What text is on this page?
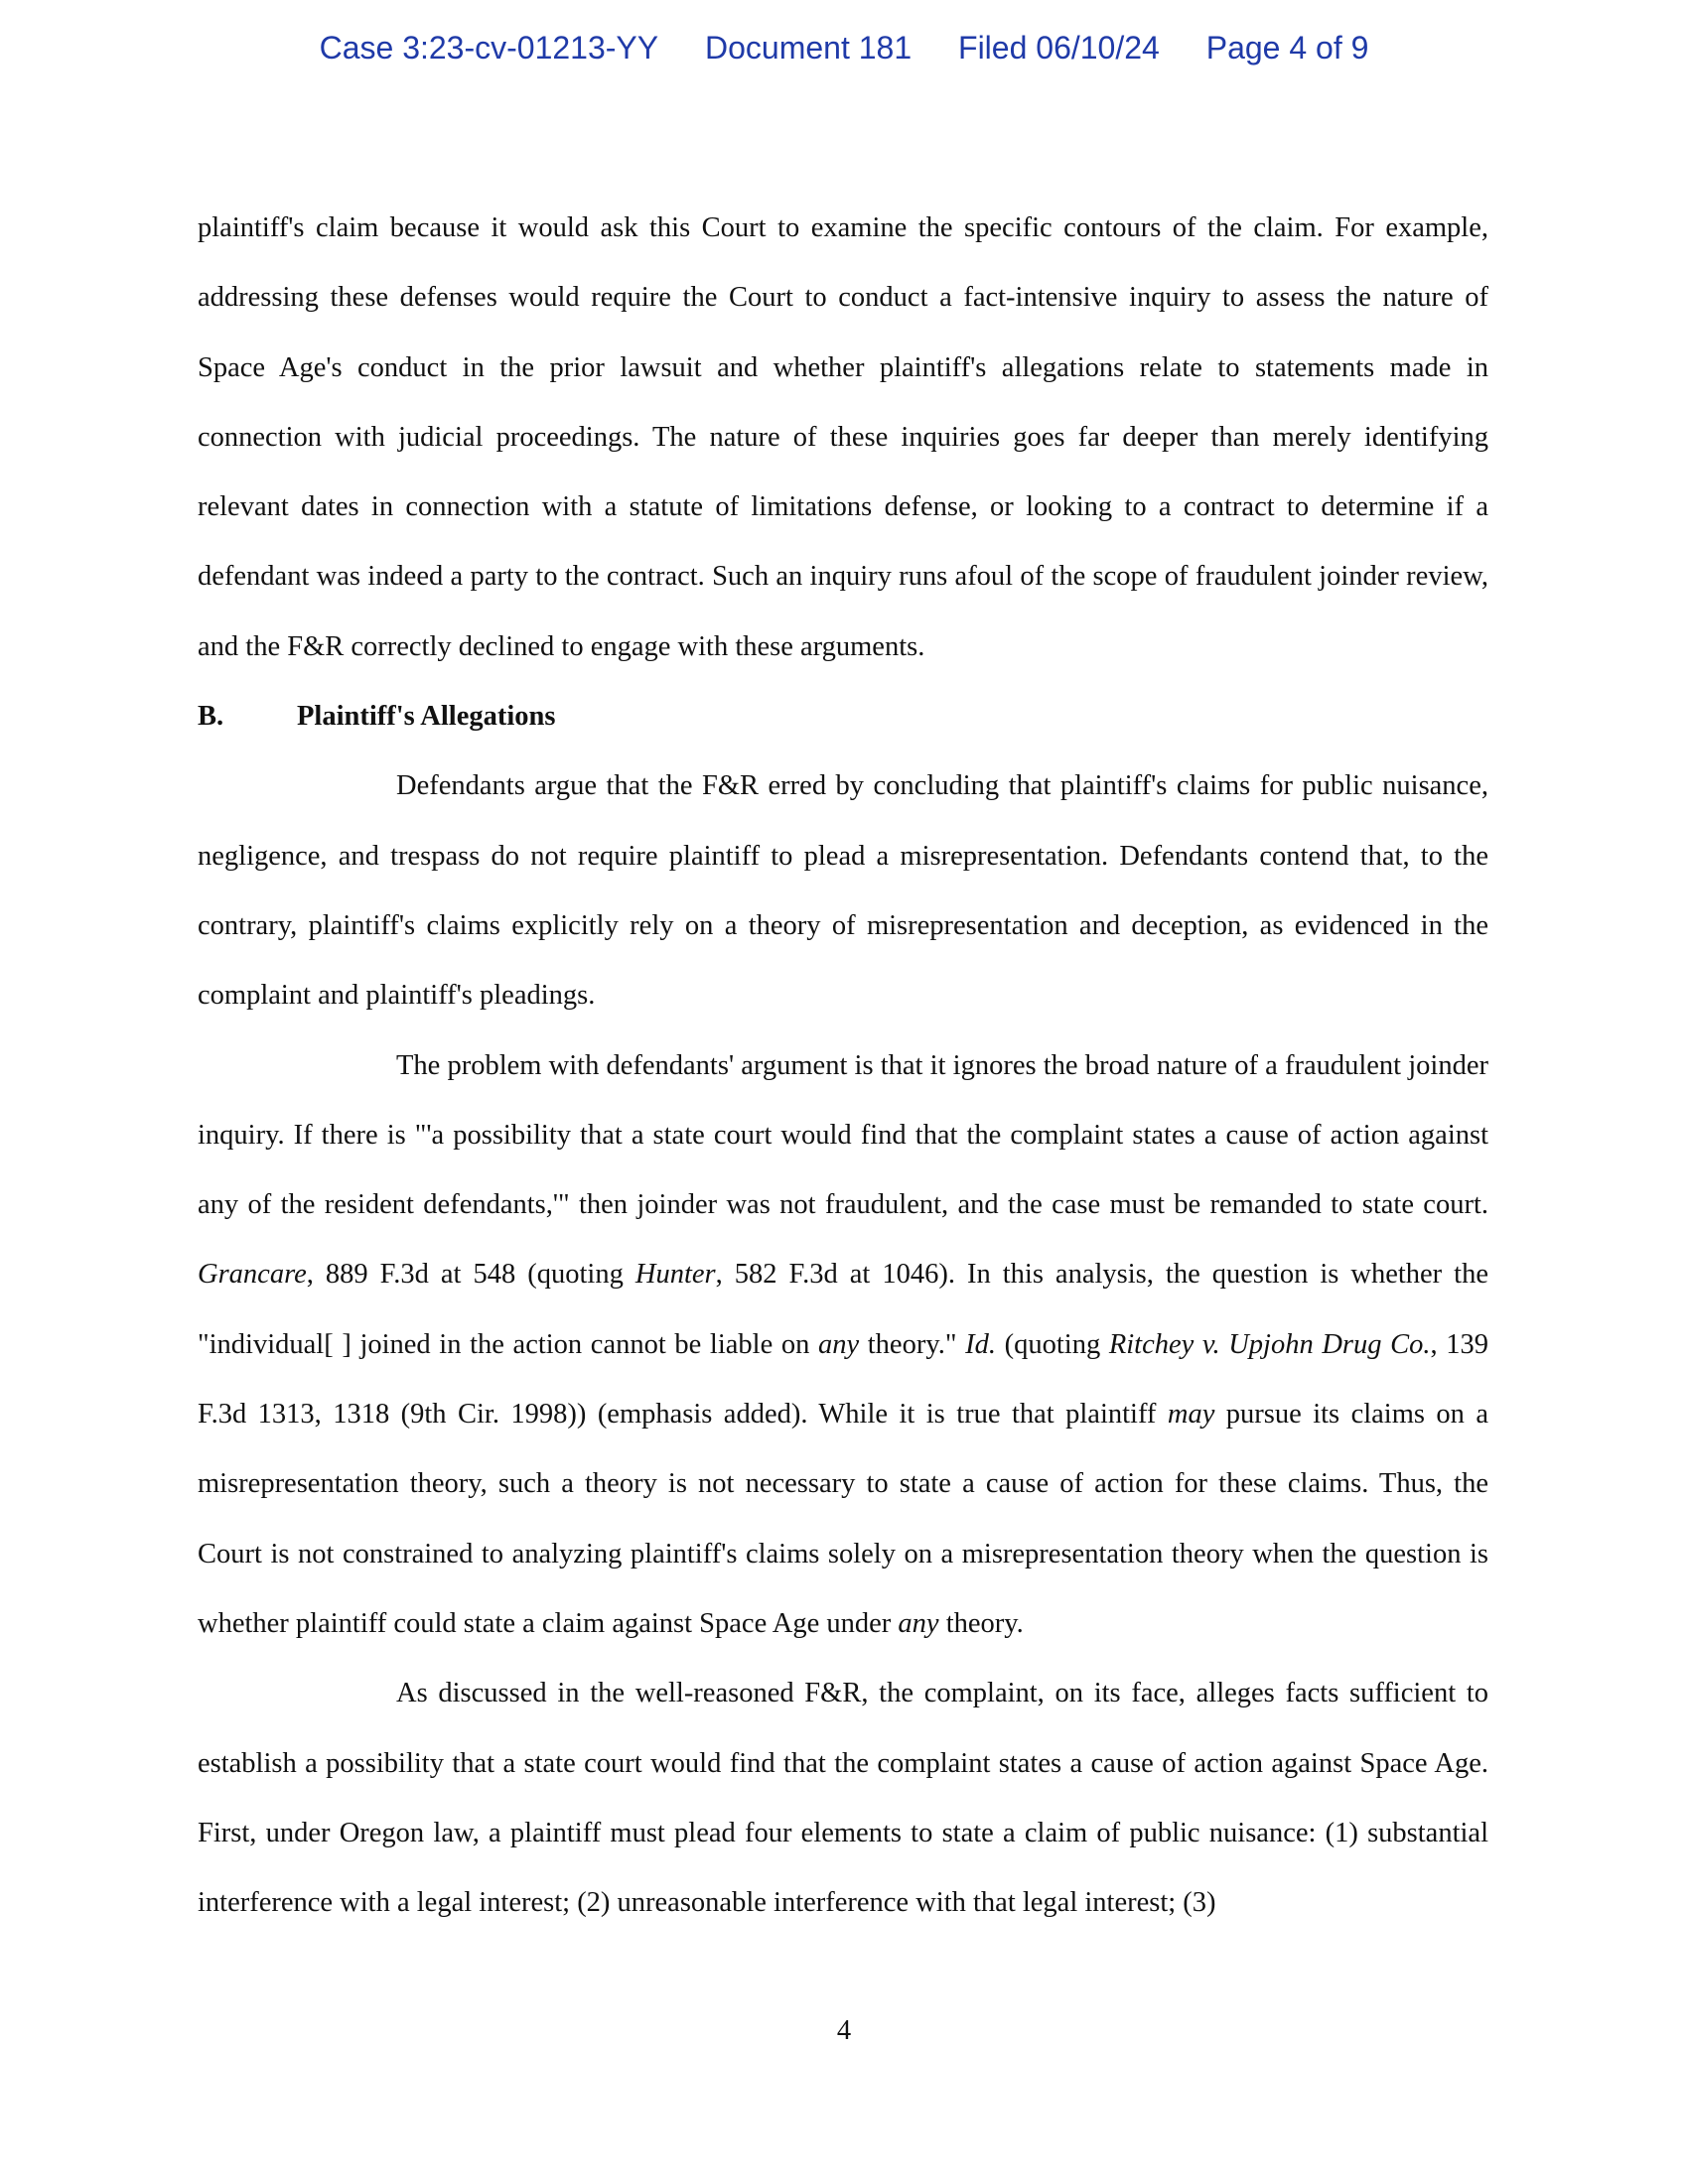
Case 3:23-cv-01213-YY Document 181 Filed 06/10/24 Page 4 of 9

plaintiff's claim because it would ask this Court to examine the specific contours of the claim. For example, addressing these defenses would require the Court to conduct a fact-intensive inquiry to assess the nature of Space Age's conduct in the prior lawsuit and whether plaintiff's allegations relate to statements made in connection with judicial proceedings. The nature of these inquiries goes far deeper than merely identifying relevant dates in connection with a statute of limitations defense, or looking to a contract to determine if a defendant was indeed a party to the contract. Such an inquiry runs afoul of the scope of fraudulent joinder review, and the F&R correctly declined to engage with these arguments.

B.	Plaintiff's Allegations

Defendants argue that the F&R erred by concluding that plaintiff's claims for public nuisance, negligence, and trespass do not require plaintiff to plead a misrepresentation. Defendants contend that, to the contrary, plaintiff's claims explicitly rely on a theory of misrepresentation and deception, as evidenced in the complaint and plaintiff's pleadings.

The problem with defendants' argument is that it ignores the broad nature of a fraudulent joinder inquiry. If there is "'a possibility that a state court would find that the complaint states a cause of action against any of the resident defendants,'" then joinder was not fraudulent, and the case must be remanded to state court. Grancare, 889 F.3d at 548 (quoting Hunter, 582 F.3d at 1046). In this analysis, the question is whether the "individual[ ] joined in the action cannot be liable on any theory." Id. (quoting Ritchey v. Upjohn Drug Co., 139 F.3d 1313, 1318 (9th Cir. 1998)) (emphasis added). While it is true that plaintiff may pursue its claims on a misrepresentation theory, such a theory is not necessary to state a cause of action for these claims. Thus, the Court is not constrained to analyzing plaintiff's claims solely on a misrepresentation theory when the question is whether plaintiff could state a claim against Space Age under any theory.

As discussed in the well-reasoned F&R, the complaint, on its face, alleges facts sufficient to establish a possibility that a state court would find that the complaint states a cause of action against Space Age. First, under Oregon law, a plaintiff must plead four elements to state a claim of public nuisance: (1) substantial interference with a legal interest; (2) unreasonable interference with that legal interest; (3)

4
